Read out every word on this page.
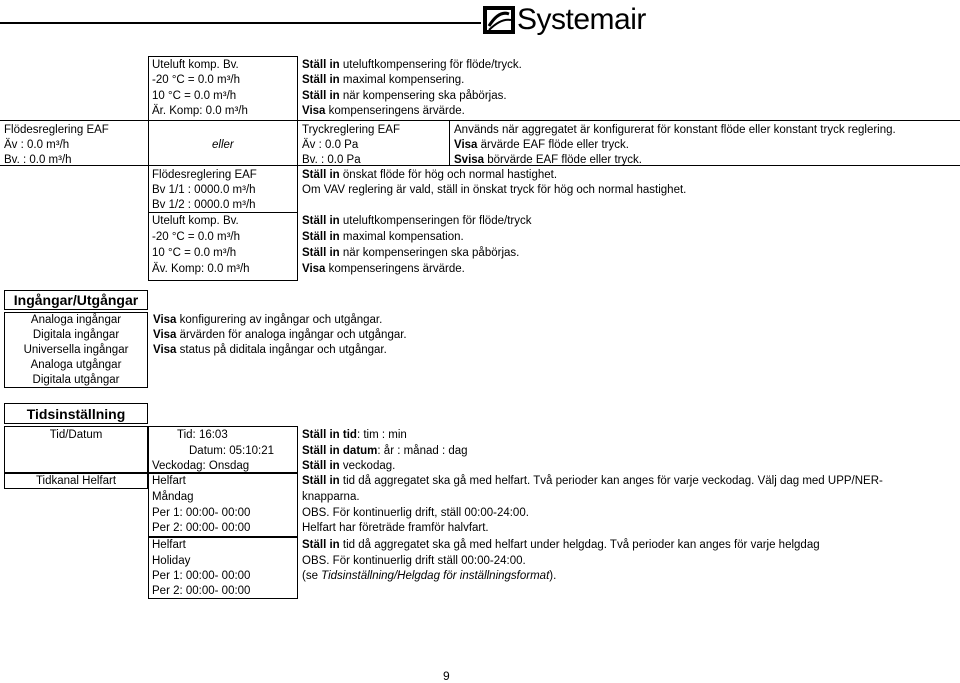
Systemair
Uteluft komp. Bv.
-20 °C = 0.0 m³/h
10 °C = 0.0 m³/h
Är. Komp: 0.0 m³/h
Ställ in uteluftkompensering för flöde/tryck.
Ställ in maximal kompensering.
Ställ in när kompensering ska påbörjas.
Visa kompenseringens ärvärde.
Flödesreglering EAF
Äv : 0.0 m³/h
Bv. : 0.0 m³/h
eller
Tryckreglering EAF
Äv : 0.0 Pa
Bv. : 0.0 Pa
Används när aggregatet är konfigurerat för konstant flöde eller konstant tryck reglering.
Visa ärvärde EAF flöde eller tryck.
Svisa börvärde EAF flöde eller tryck.
Flödesreglering EAF
Bv 1/1 : 0000.0 m³/h
Bv 1/2 : 0000.0 m³/h
Ställ in önskat flöde för hög och normal hastighet.
Om VAV reglering är vald, ställ in önskat tryck för hög och normal hastighet.
Uteluft komp. Bv.
-20 °C = 0.0 m³/h
10 °C = 0.0 m³/h
Äv. Komp: 0.0 m³/h
Ställ in uteluftkompenseringen för flöde/tryck
Ställ in maximal kompensation.
Ställ in när kompenseringen ska påbörjas.
Visa kompenseringens ärvärde.
Ingångar/Utgångar
Analoga ingångar
Digitala ingångar
Universella ingångar
Analoga utgångar
Digitala utgångar
Visa konfigurering av ingångar och utgångar.
Visa ärvärden för analoga ingångar och utgångar.
Visa status på diditala ingångar och utgångar.
Tidsinställning
Tid/Datum	Tid: 16:03
Datum: 05:10:21
Veckodag: Onsdag
Ställ in tid: tim : min
Ställ in datum: år : månad : dag
Ställ in veckodag.
Tidkanal Helfart	Helfart
Måndag
Per 1: 00:00- 00:00
Per 2: 00:00- 00:00
Ställ in tid då aggregatet ska gå med helfart. Två perioder kan anges för varje veckodag. Välj dag med UPP/NER-
knapparna.
OBS. För kontinuerlig drift, ställ 00:00-24:00.
Helfart har företräde framför halvfart.
Helfart
Holiday
Per 1: 00:00- 00:00
Per 2: 00:00- 00:00
Ställ in tid då aggregatet ska gå med helfart under helgdag. Två perioder kan anges för varje helgdag
OBS. För kontinuerlig drift ställ 00:00-24:00.
(se Tidsinställning/Helgdag för inställningsformat).
9
